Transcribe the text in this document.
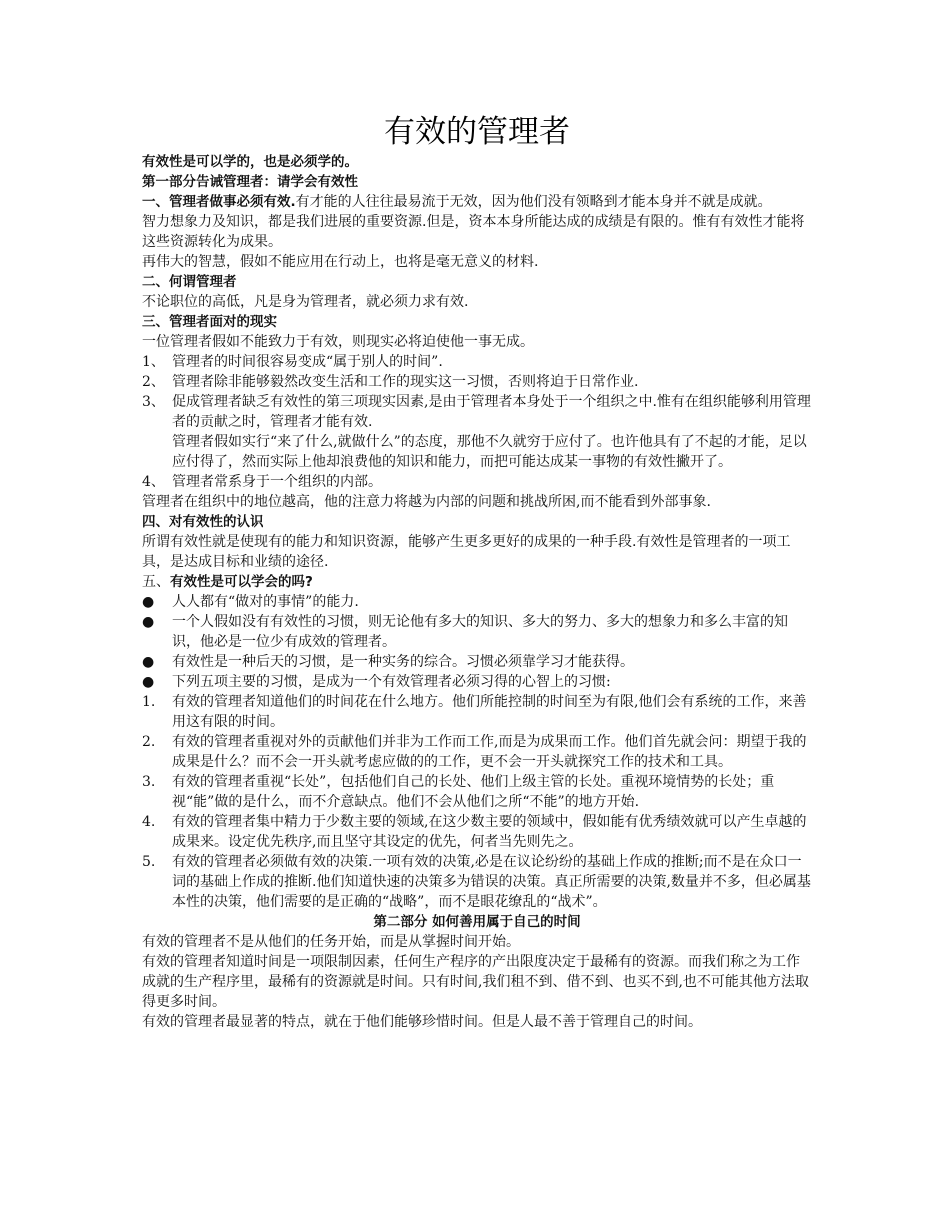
有效的管理者

有效性是可以学的，也是必须学的。

第一部分告诫管理者：请学会有效性

一、管理者做事必须有效.有才能的人往往最易流于无效，因为他们没有领略到才能本身并不就是成就。

智力想象力及知识，都是我们进展的重要资源.但是，资本本身所能达成的成绩是有限的。惟有有效性才能将这些资源转化为成果。

再伟大的智慧，假如不能应用在行动上，也将是毫无意义的材料.

二、何谓管理者

不论职位的高低，凡是身为管理者，就必须力求有效.

三、管理者面对的现实

一位管理者假如不能致力于有效，则现实必将迫使他一事无成。

1、 管理者的时间很容易变成“属于别人的时间”.
2、 管理者除非能够毅然改变生活和工作的现实这一习惯，否则将迫于日常作业.
3、 促成管理者缺乏有效性的第三项现实因素,是由于管理者本身处于一个组织之中.惟有在组织能够利用管理者的贡献之时，管理者才能有效.

管理者假如实行“来了什么,就做什么”的态度，那他不久就穷于应付了。也许他具有了不起的才能，足以应付得了，然而实际上他却浪费他的知识和能力，而把可能达成某一事物的有效性撇开了。

4、 管理者常系身于一个组织的内部。

管理者在组织中的地位越高，他的注意力将越为内部的问题和挑战所困,而不能看到外部事象.

四、对有效性的认识

所谓有效性就是使现有的能力和知识资源，能够产生更多更好的成果的一种手段.有效性是管理者的一项工具，是达成目标和业绩的途径.

五、有效性是可以学会的吗?

●	人人都有“做对的事情”的能力.
●	一个人假如没有有效性的习惯，则无论他有多大的知识、多大的努力、多大的想象力和多么丰富的知识，他必是一位少有成效的管理者。
●	有效性是一种后天的习惯，是一种实务的综合。习惯必须靠学习才能获得。
●	下列五项主要的习惯，是成为一个有效管理者必须习得的心智上的习惯:
1.	有效的管理者知道他们的时间花在什么地方。他们所能控制的时间至为有限,他们会有系统的工作，来善用这有限的时间。
2.	有效的管理者重视对外的贡献他们并非为工作而工作,而是为成果而工作。他们首先就会问：期望于我的成果是什么？而不会一开头就考虑应做的的工作，更不会一开头就探究工作的技术和工具。
3.	有效的管理者重视“长处”，包括他们自己的长处、他们上级主管的长处。重视环境情势的长处；重视“能”做的是什么，而不介意缺点。他们不会从他们之所“不能”的地方开始.
4.	有效的管理者集中精力于少数主要的领域,在这少数主要的领域中，假如能有优秀绩效就可以产生卓越的成果来。设定优先秩序,而且坚守其设定的优先，何者当先则先之。
5.	有效的管理者必须做有效的决策.一项有效的决策,必是在议论纷纷的基础上作成的推断;而不是在众口一词的基础上作成的推断.他们知道快速的决策多为错误的决策。真正所需要的决策,数量并不多，但必属基本性的决策，他们需要的是正确的“战略”，而不是眼花缭乱的“战术”。

第二部分 如何善用属于自己的时间

有效的管理者不是从他们的任务开始，而是从掌握时间开始。

有效的管理者知道时间是一项限制因素，任何生产程序的产出限度决定于最稀有的资源。而我们称之为工作成就的生产程序里，最稀有的资源就是时间。只有时间,我们租不到、借不到、也买不到,也不可能其他方法取得更多时间。

有效的管理者最显著的特点，就在于他们能够珍惜时间。但是人最不善于管理自己的时间。
